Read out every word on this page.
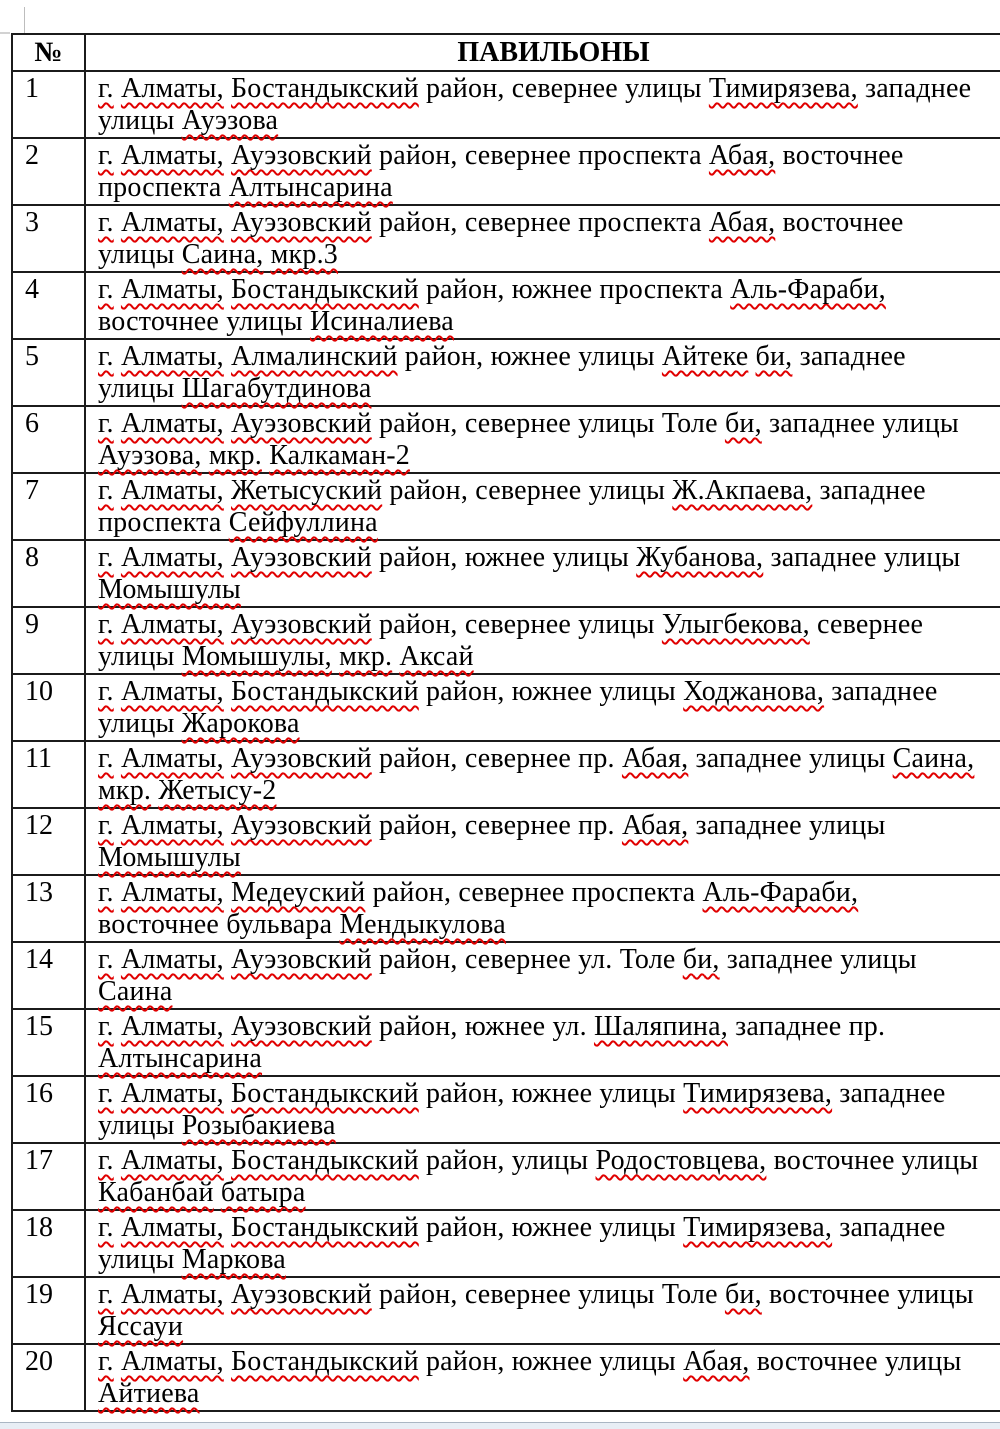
№	ПАВИЛЬОНЫ
1	г. Алматы, Бостандыкский район, севернее улицы Тимирязева, западнее
улицы Ауэзова
2	г. Алматы, Ауэзовский район, севернее проспекта Абая, восточнее
проспекта Алтынсарина
3	г. Алматы, Ауэзовский район, севернее проспекта Абая, восточнее
улицы Саина, мкр.3
4	г. Алматы, Бостандыкский район, южнее проспекта Аль-Фараби,
восточнее улицы Исиналиева
5	г. Алматы, Алмалинский район, южнее улицы Айтеке би, западнее
улицы Шагабутдинова
6	г. Алматы, Ауэзовский район, севернее улицы Толе би, западнее улицы
Ауэзова, мкр. Калкаман-2
7	г. Алматы, Жетысуский район, севернее улицы Ж.Акпаева, западнее
проспекта Сейфуллина
8	г. Алматы, Ауэзовский район, южнее улицы Жубанова, западнее улицы
Момышулы
9	г. Алматы, Ауэзовский район, севернее улицы Улыгбекова, севернее
улицы Момышулы, мкр. Аксай
10	г. Алматы, Бостандыкский район, южнее улицы Ходжанова, западнее
улицы Жарокова
11	г. Алматы, Ауэзовский район, севернее пр. Абая, западнее улицы Саина,
мкр. Жетысу-2
12	г. Алматы, Ауэзовский район, севернее пр. Абая, западнее улицы
Момышулы
13	г. Алматы, Медеуский район, севернее проспекта Аль-Фараби,
восточнее бульвара Мендыкулова
14	г. Алматы, Ауэзовский район, севернее ул. Толе би, западнее улицы
Саина
15	г. Алматы, Ауэзовский район, южнее ул. Шаляпина, западнее пр.
Алтынсарина
16	г. Алматы, Бостандыкский район, южнее улицы Тимирязева, западнее
улицы Розыбакиева
17	г. Алматы, Бостандыкский район, улицы Родостовцева, восточнее улицы
Кабанбай батыра
18	г. Алматы, Бостандыкский район, южнее улицы Тимирязева, западнее
улицы Маркова
19	г. Алматы, Ауэзовский район, севернее улицы Толе би, восточнее улицы
Яссауи
20	г. Алматы, Бостандыкский район, южнее улицы Абая, восточнее улицы
Айтиева
